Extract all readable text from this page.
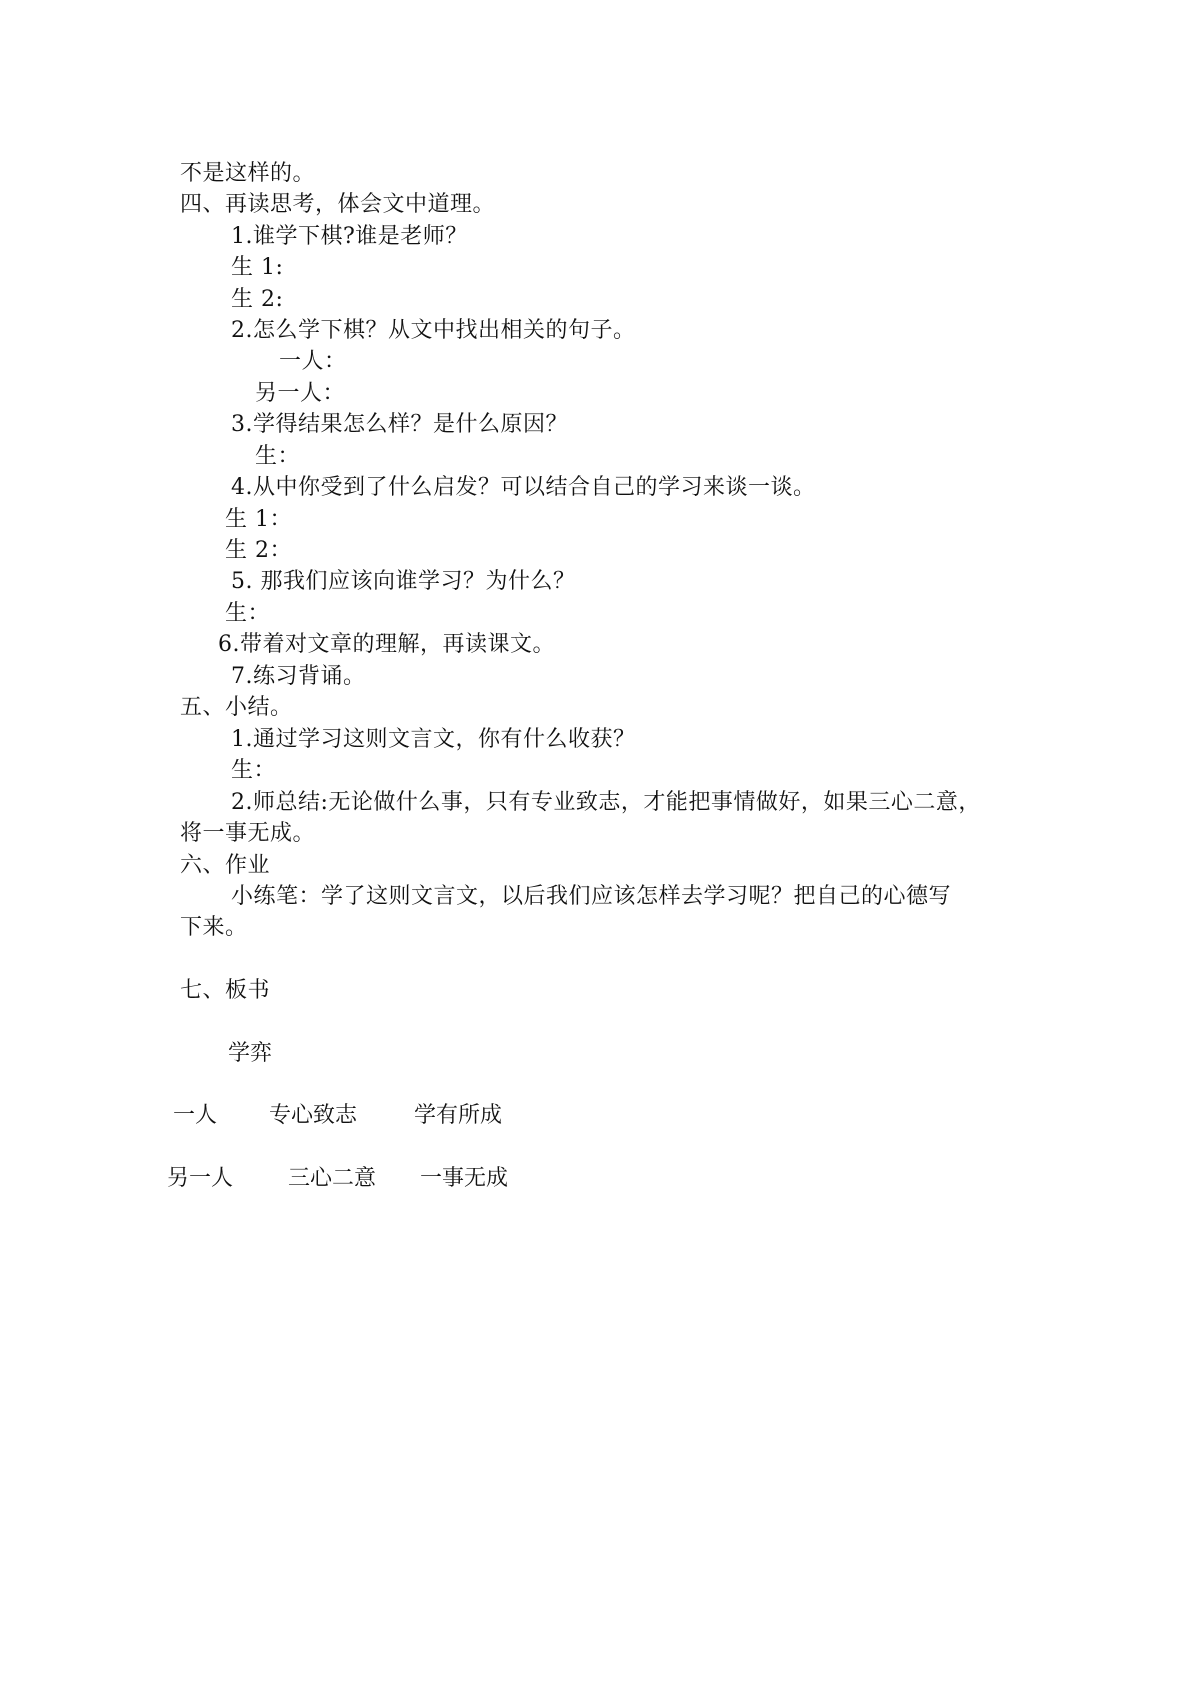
不是这样的。
四、再读思考，体会文中道理。
1.谁学下棋?谁是老师？
生 1:
生 2:
2.怎么学下棋？从文中找出相关的句子。
一人：
另一人：
3.学得结果怎么样？是什么原因？
生：
4.从中你受到了什么启发？可以结合自己的学习来谈一谈。
生 1：
生 2：
5. 那我们应该向谁学习？为什么？
生：
6.带着对文章的理解，再读课文。
7.练习背诵。
五、小结。
1.通过学习这则文言文，你有什么收获？
生：
2.师总结:无论做什么事，只有专业致志，才能把事情做好，如果三心二意，
将一事无成。
六、作业
小练笔：学了这则文言文，以后我们应该怎样去学习呢？把自己的心德写
下来。
七、板书
学弈
一人 专心致志	学有所成
另一人 三心二意 一事无成
